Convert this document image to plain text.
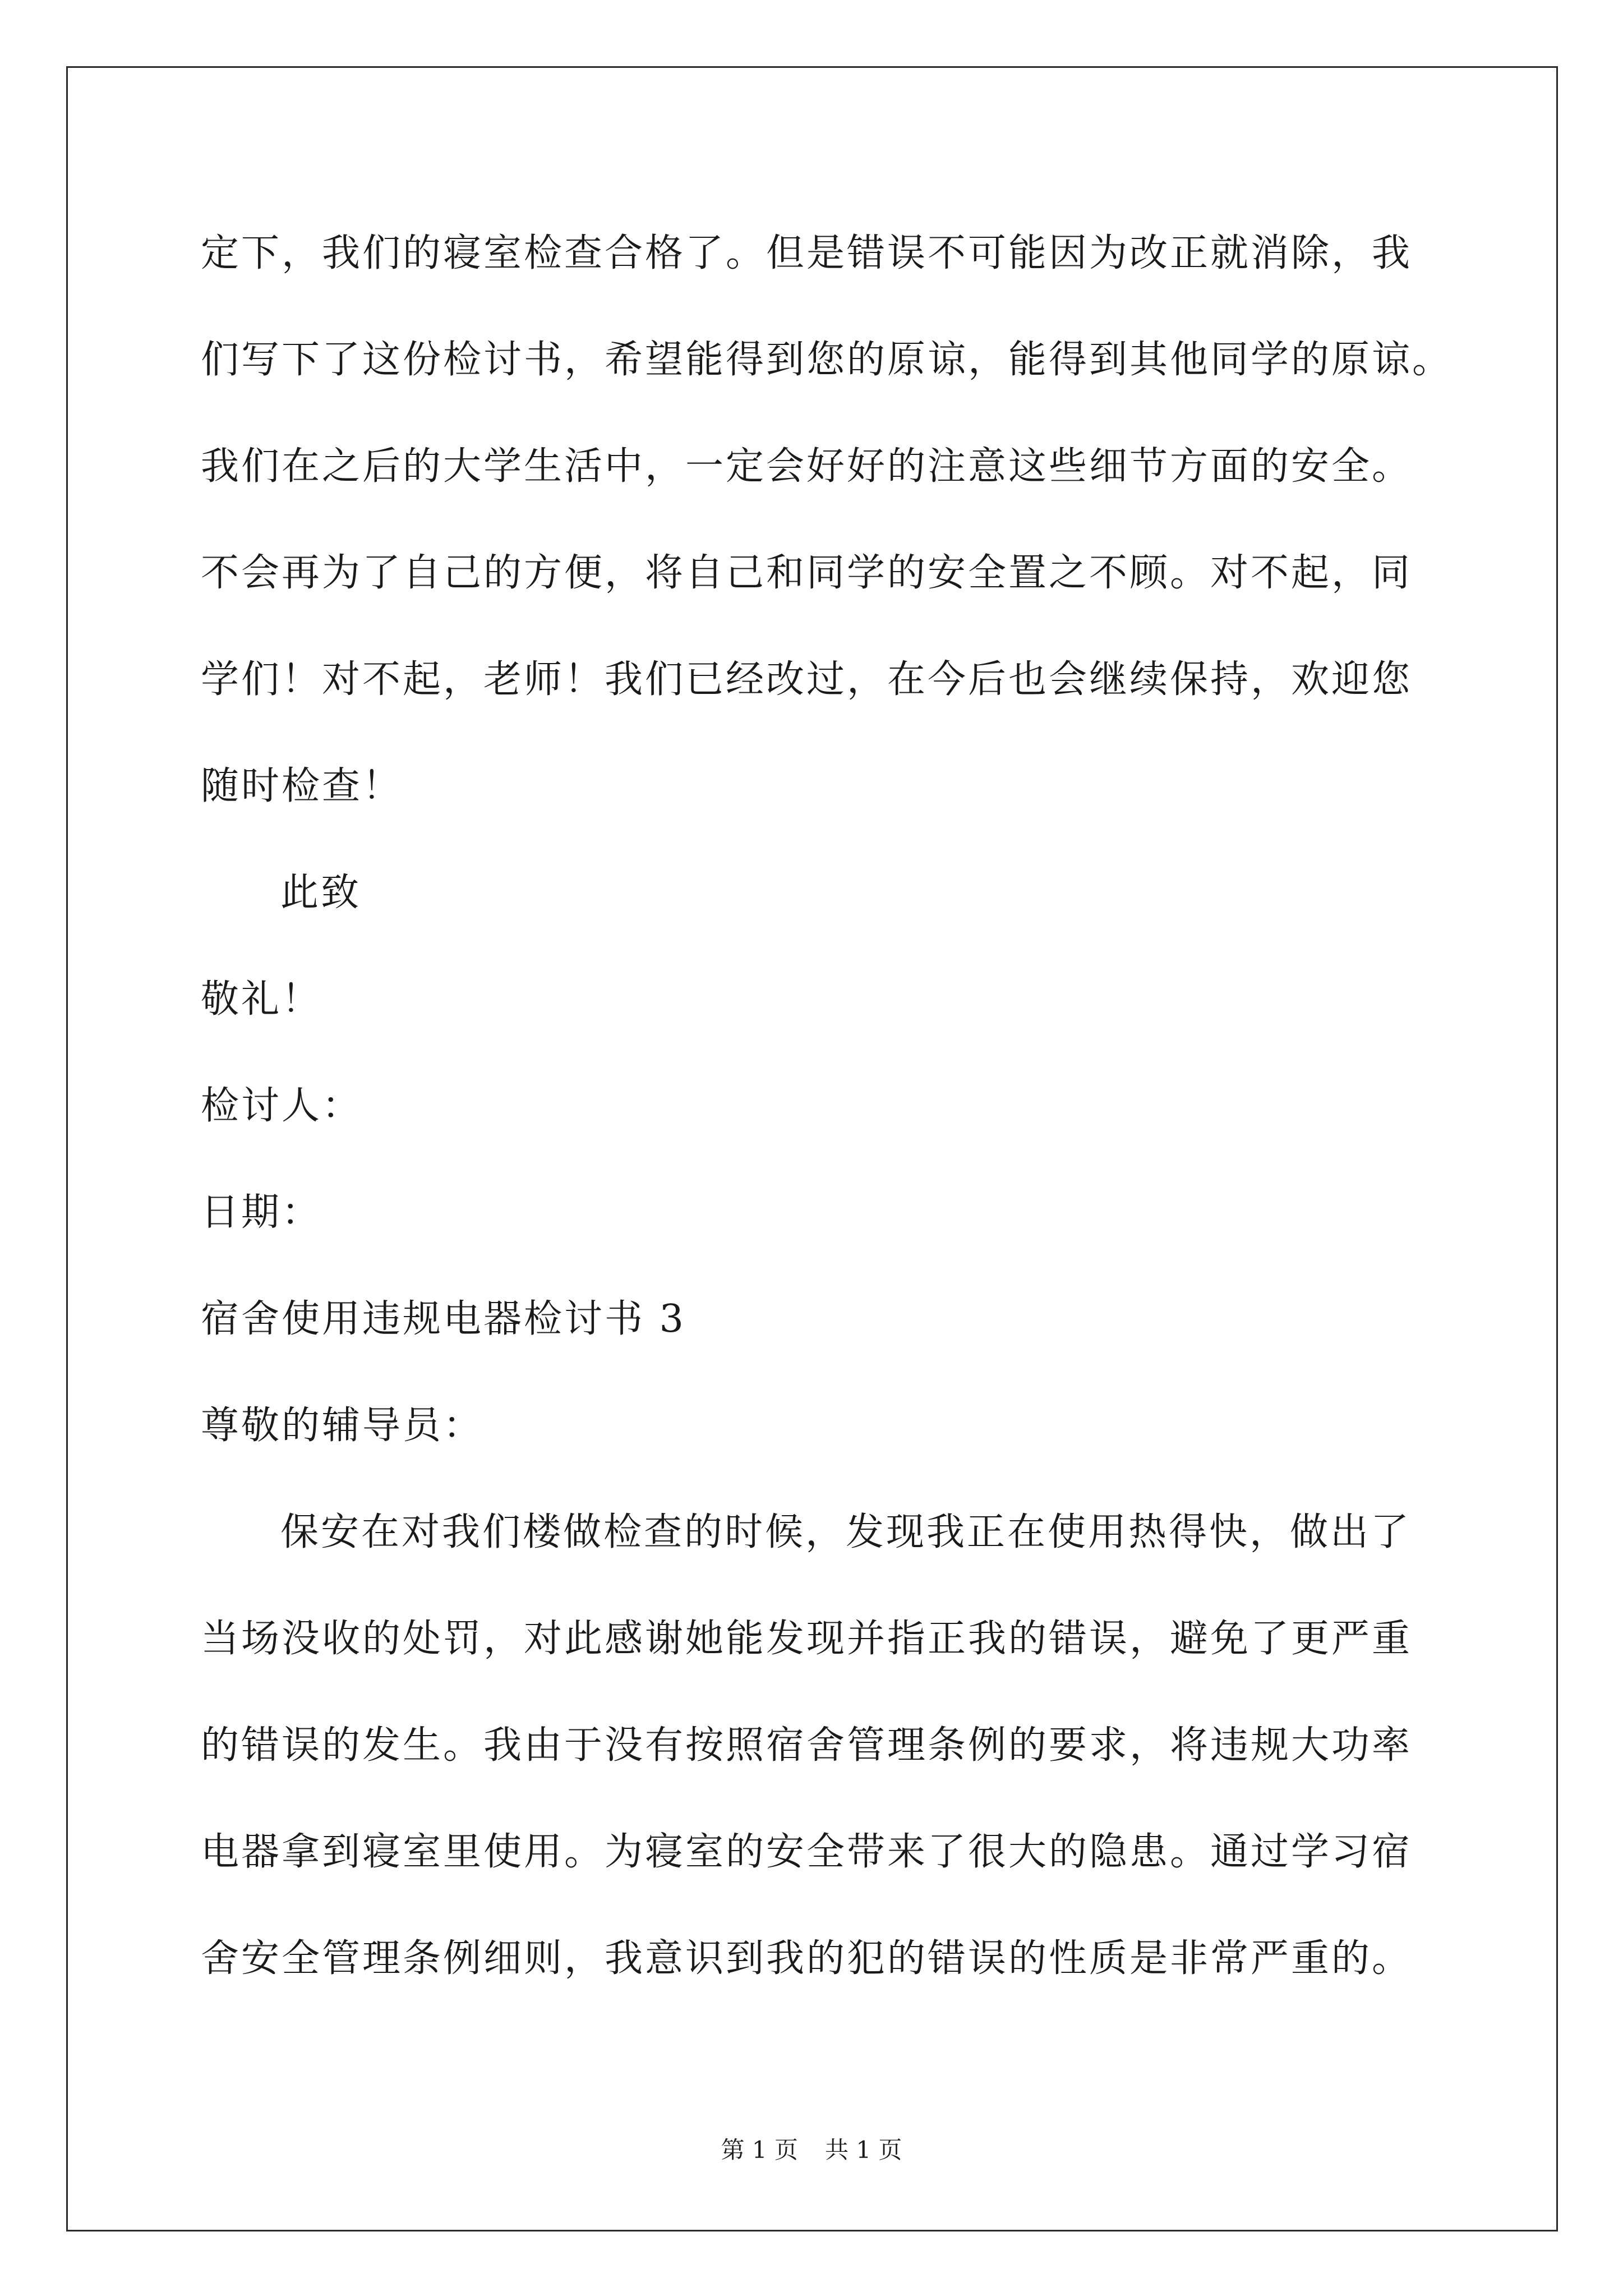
定下，我们的寝室检查合格了。但是错误不可能因为改正就消除，我
们写下了这份检讨书，希望能得到您的原谅，能得到其他同学的原谅。
我们在之后的大学生活中，一定会好好的注意这些细节方面的安全。
不会再为了自己的方便，将自己和同学的安全置之不顾。对不起，同
学们！对不起，老师！我们已经改过，在今后也会继续保持，欢迎您
随时检查！
此致
敬礼！
检讨人：
日期：
宿舍使用违规电器检讨书 3
尊敬的辅导员：
保安在对我们楼做检查的时候，发现我正在使用热得快，做出了
当场没收的处罚，对此感谢她能发现并指正我的错误，避免了更严重
的错误的发生。我由于没有按照宿舍管理条例的要求，将违规大功率
电器拿到寝室里使用。为寝室的安全带来了很大的隐患。通过学习宿
舍安全管理条例细则，我意识到我的犯的错误的性质是非常严重的。
第 1 页 共 1 页
